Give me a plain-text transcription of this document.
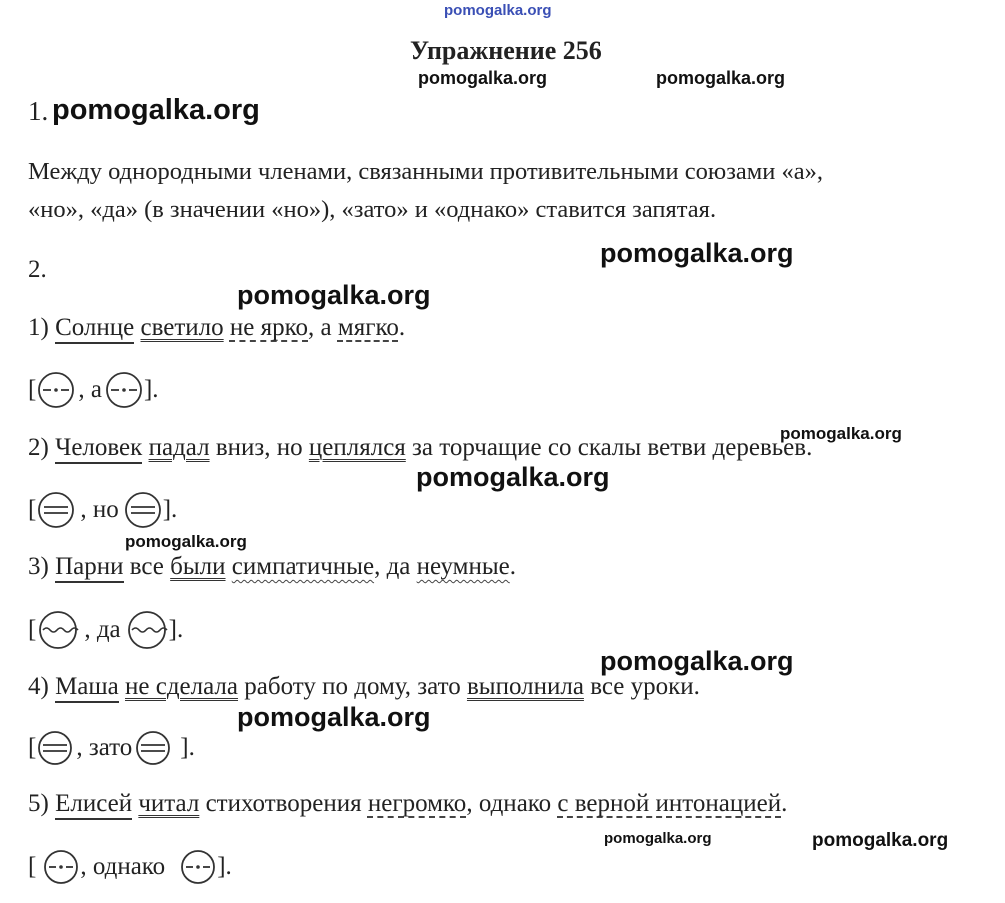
pomogalka.org
pomogalka.org	pomogalka.org
pomogalka.org
pomogalka.org
pomogalka.org
pomogalka.org
pomogalka.org
pomogalka.org
pomogalka.org
pomogalka.org	pomogalka.org
pomogalka.org
Упражнение 256
1.
Между однородными членами, связанными противительными союзами «а»,
«но», «да» (в значении «но»), «зато» и «однако» ставится запятая.
2.
1) Солнце светило не ярко, а мягко.
[ , а ].
2) Человек падал вниз, но цеплялся за торчащие со скалы ветви деревьев.
[ , но ].
3) Парни все были симпатичные, да неумные.
[ , да ].
4) Маша не сделала работу по дому, зато выполнила все уроки.
[ , зато ].
5) Елисей читал стихотворения негромко, однако с верной интонацией.
[ , однако ].
